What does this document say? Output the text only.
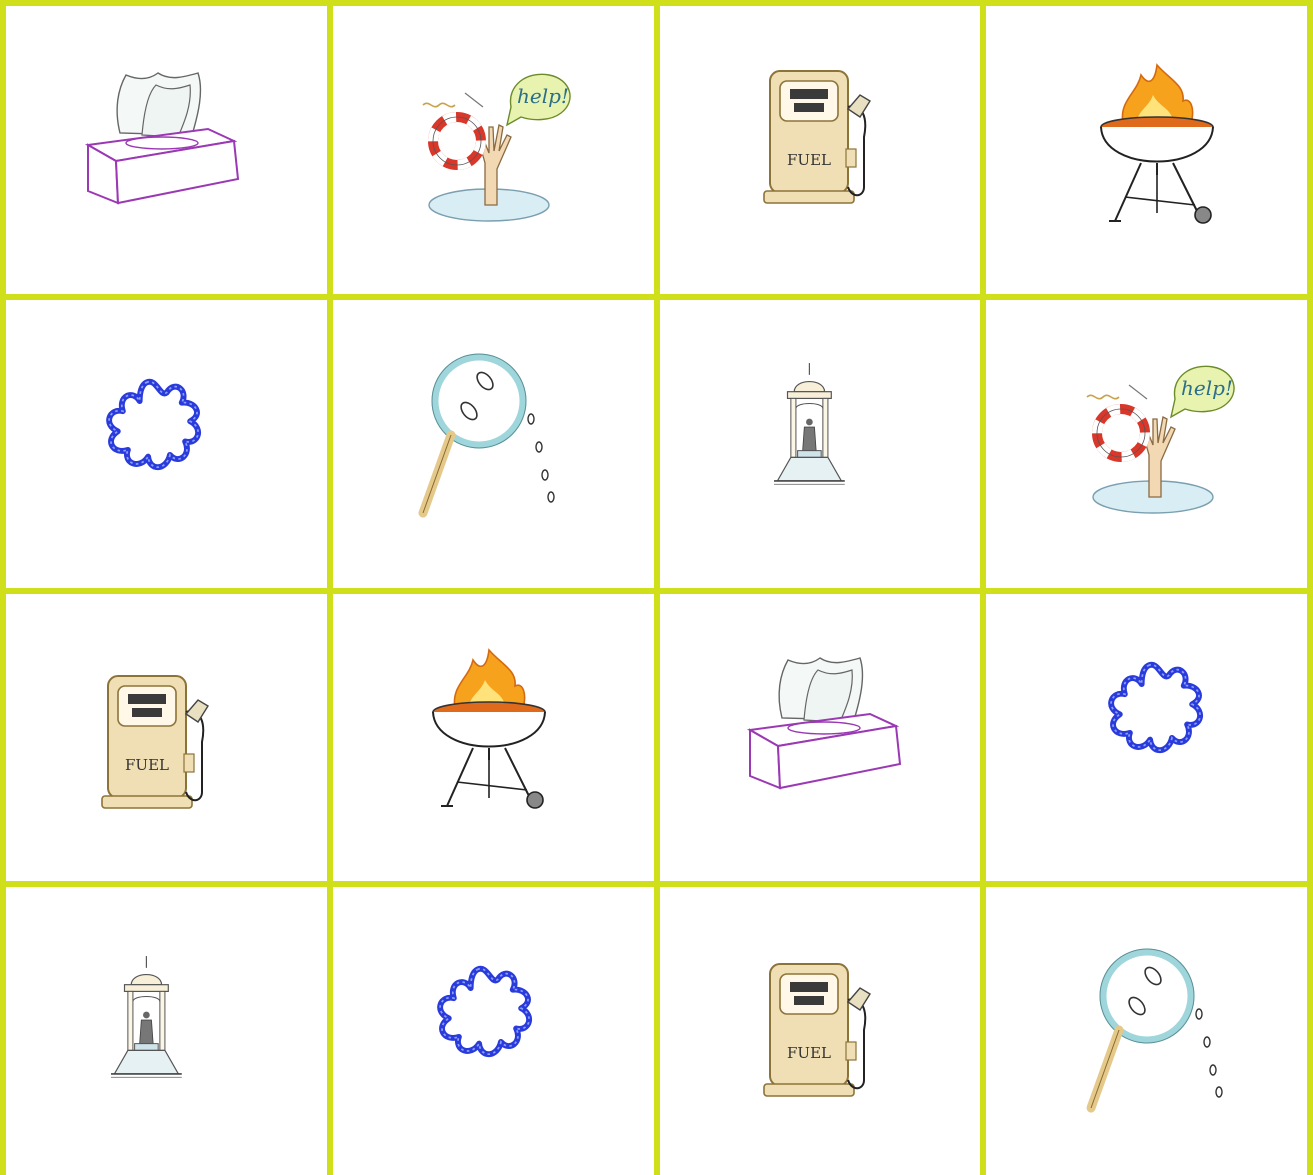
help!
FUEL
help!
FUEL
FUEL
